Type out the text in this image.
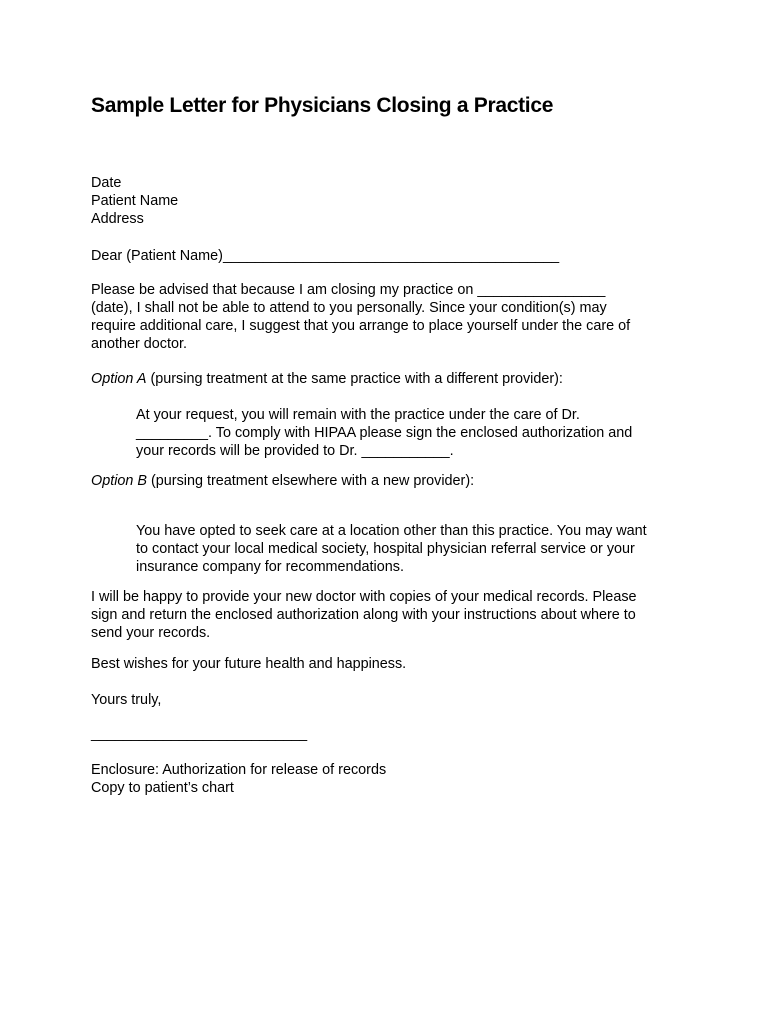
Sample Letter for Physicians Closing a Practice
Date
Patient Name
Address
Dear (Patient Name)__________________________________________
Please be advised that because I am closing my practice on ________________
(date), I shall not be able to attend to you personally. Since your condition(s) may
require additional care, I suggest that you arrange to place yourself under the care of
another doctor.
Option A (pursing treatment at the same practice with a different provider):
At your request, you will remain with the practice under the care of Dr.
_________. To comply with HIPAA please sign the enclosed authorization and
your records will be provided to Dr. ___________.
Option B (pursing treatment elsewhere with a new provider):
You have opted to seek care at a location other than this practice. You may want
to contact your local medical society, hospital physician referral service or your
insurance company for recommendations.
I will be happy to provide your new doctor with copies of your medical records. Please
sign and return the enclosed authorization along with your instructions about where to
send your records.
Best wishes for your future health and happiness.
Yours truly,
___________________________
Enclosure: Authorization for release of records
Copy to patient’s chart
